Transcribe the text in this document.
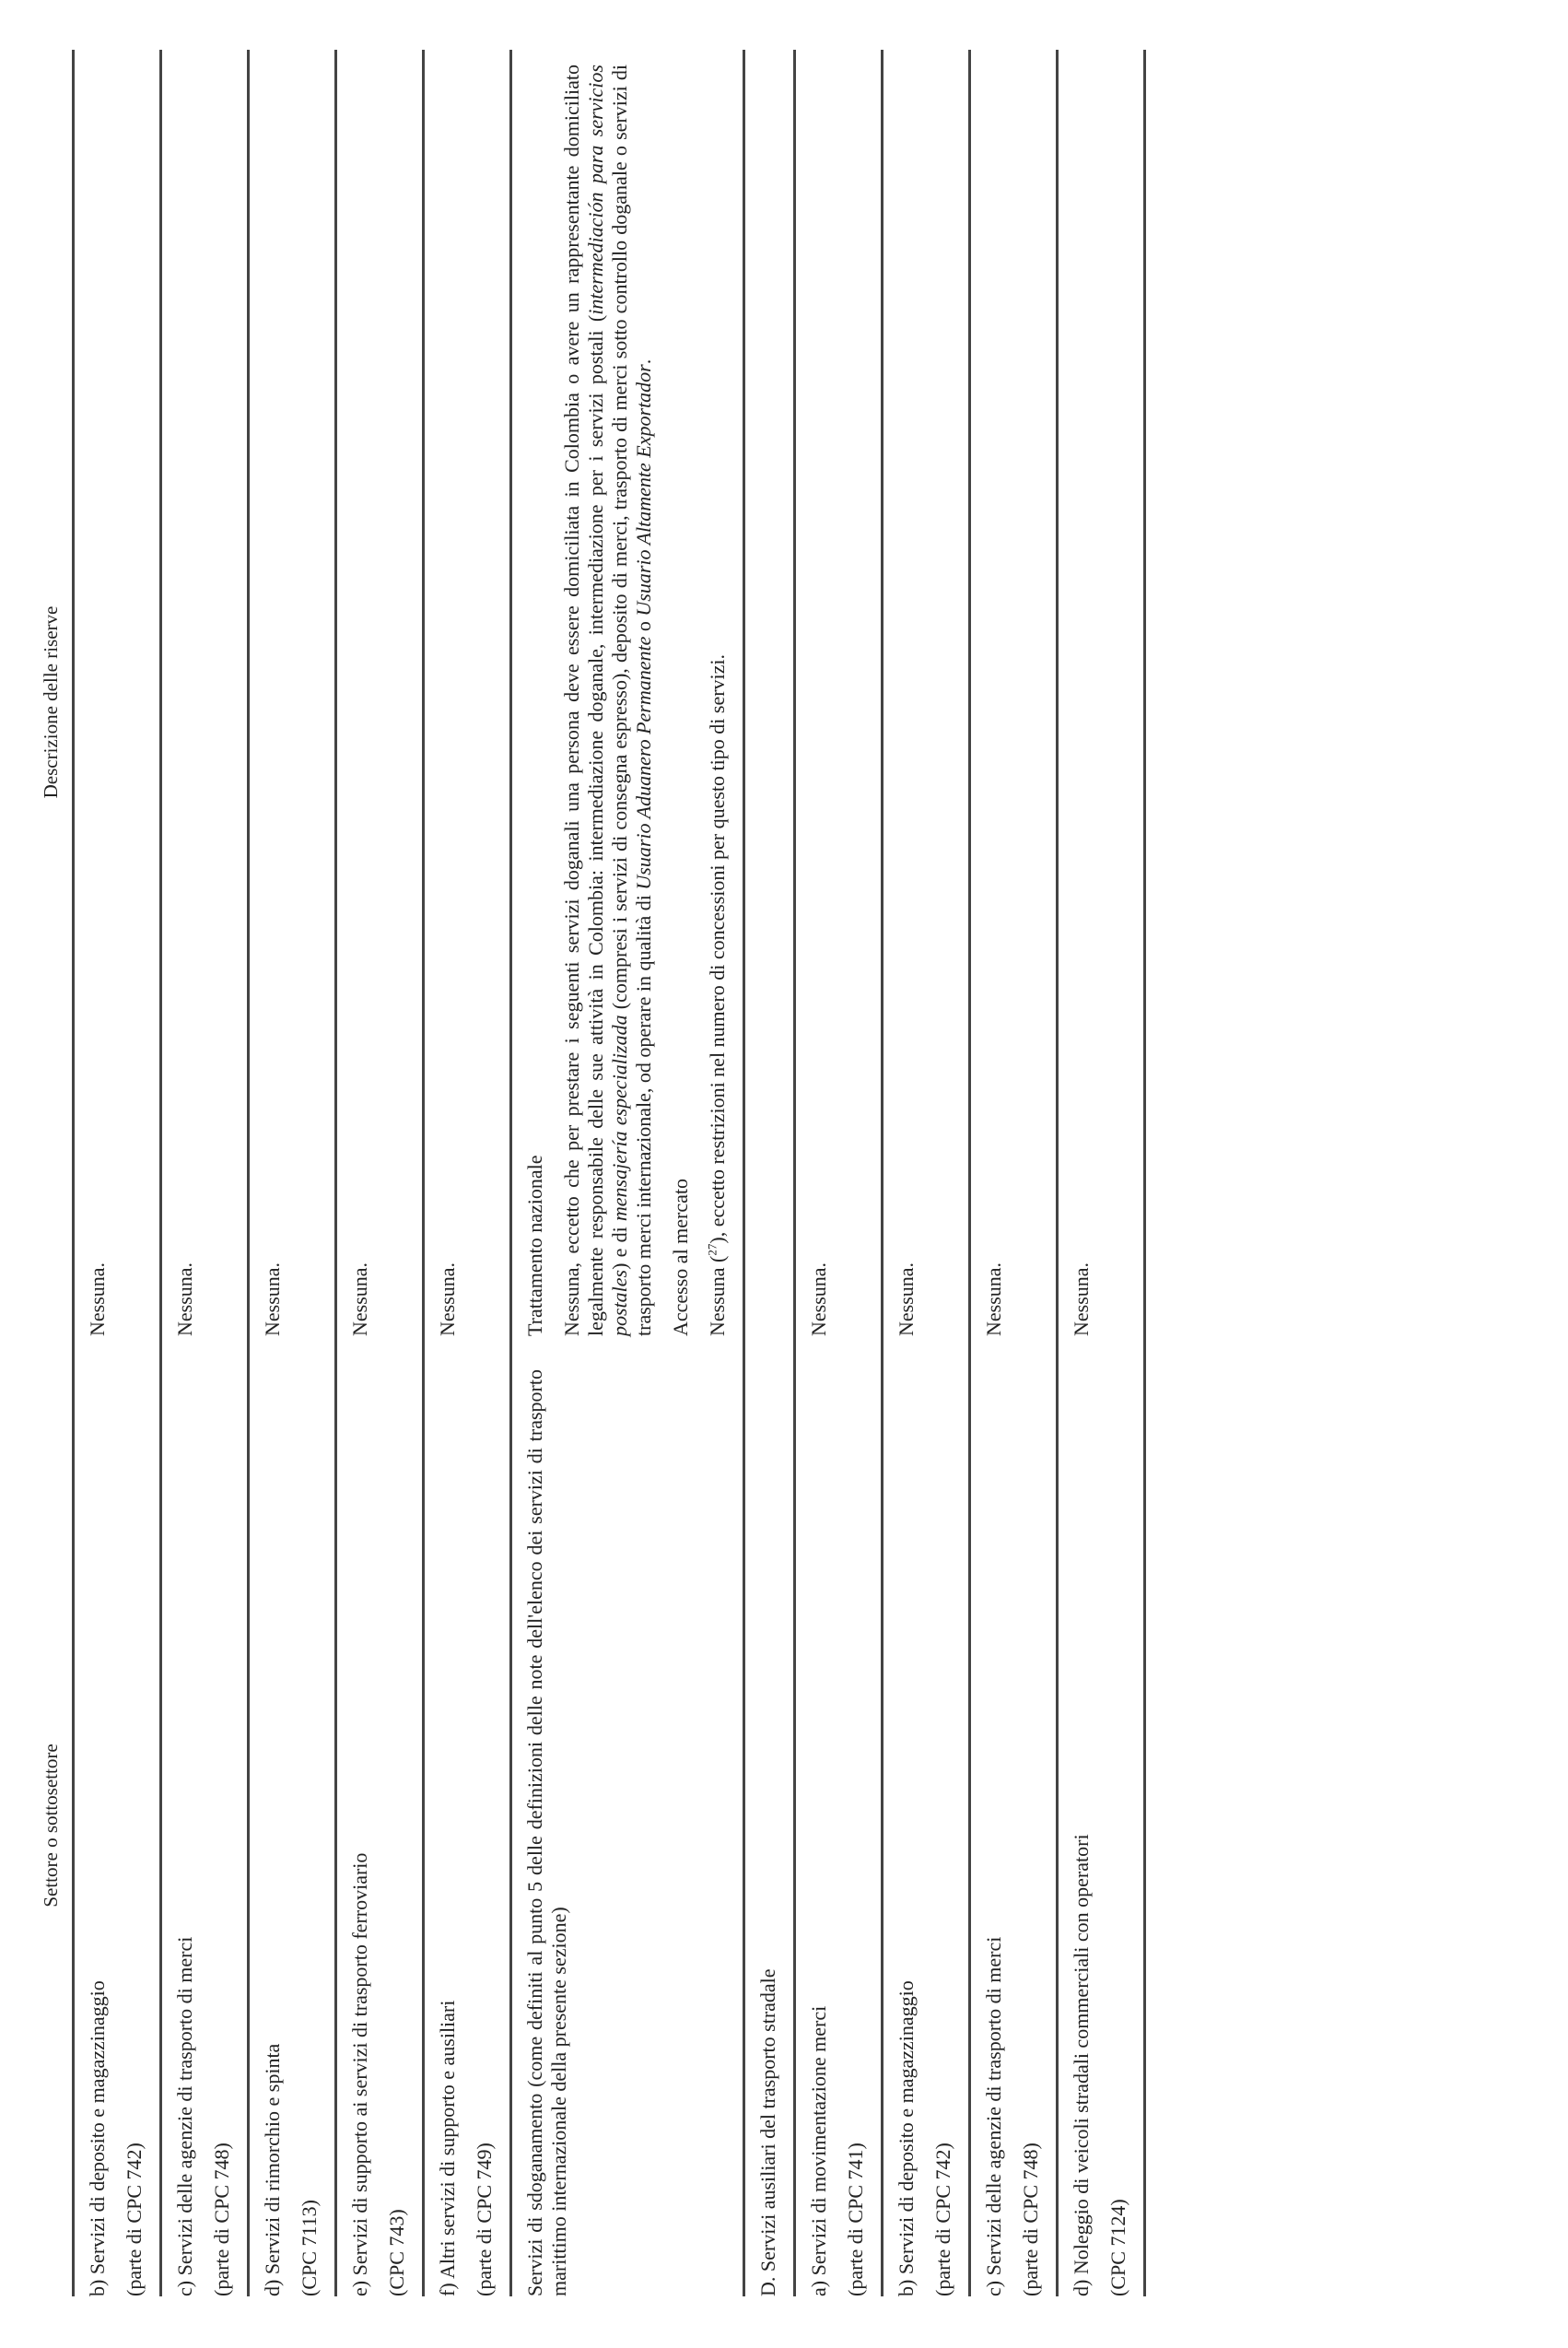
Settore o sottosettore	Descrizione delle riserve

b) Servizi di deposito e magazzinaggio (parte di CPC 742)	Nessuna.

c) Servizi delle agenzie di trasporto di merci (parte di CPC 748)	Nessuna.

d) Servizi di rimorchio e spinta (CPC 7113)	Nessuna.

e) Servizi di supporto ai servizi di trasporto ferroviario (CPC 743)	Nessuna.

f) Altri servizi di supporto e ausiliari (parte di CPC 749)	Nessuna.

Servizi di sdoganamento (come definiti al punto 5 delle definizioni delle note dell'elenco dei servizi di trasporto marittimo internazionale della presente sezione)	Trattamento nazionale Nessuna, eccetto che per prestare i seguenti servizi doganali una persona deve essere domiciliata in Colombia o avere un rappresentante domiciliato legalmente responsabile delle sue attività in Colombia: intermediazione doganale, intermediazione per i servizi postali (intermediación para servicios postales) e di mensajería especializada (compresi i servizi di consegna espresso), deposito di merci, trasporto di merci sotto controllo doganale o servizi di trasporto merci internazionale, od operare in qualità di Usuario Aduanero Permanente o Usuario Altamente Exportador.
Accesso al mercato Nessuna ($^{27}$), eccetto restrizioni nel numero di concessioni per questo tipo di servizi.

D. Servizi ausiliari del trasporto stradale	

a) Servizi di movimentazione merci (parte di CPC 741)	Nessuna.

b) Servizi di deposito e magazzinaggio (parte di CPC 742)	Nessuna.

c) Servizi delle agenzie di trasporto di merci (parte di CPC 748)	Nessuna.

d) Noleggio di veicoli stradali commerciali con operatori (CPC 7124)	Nessuna.
